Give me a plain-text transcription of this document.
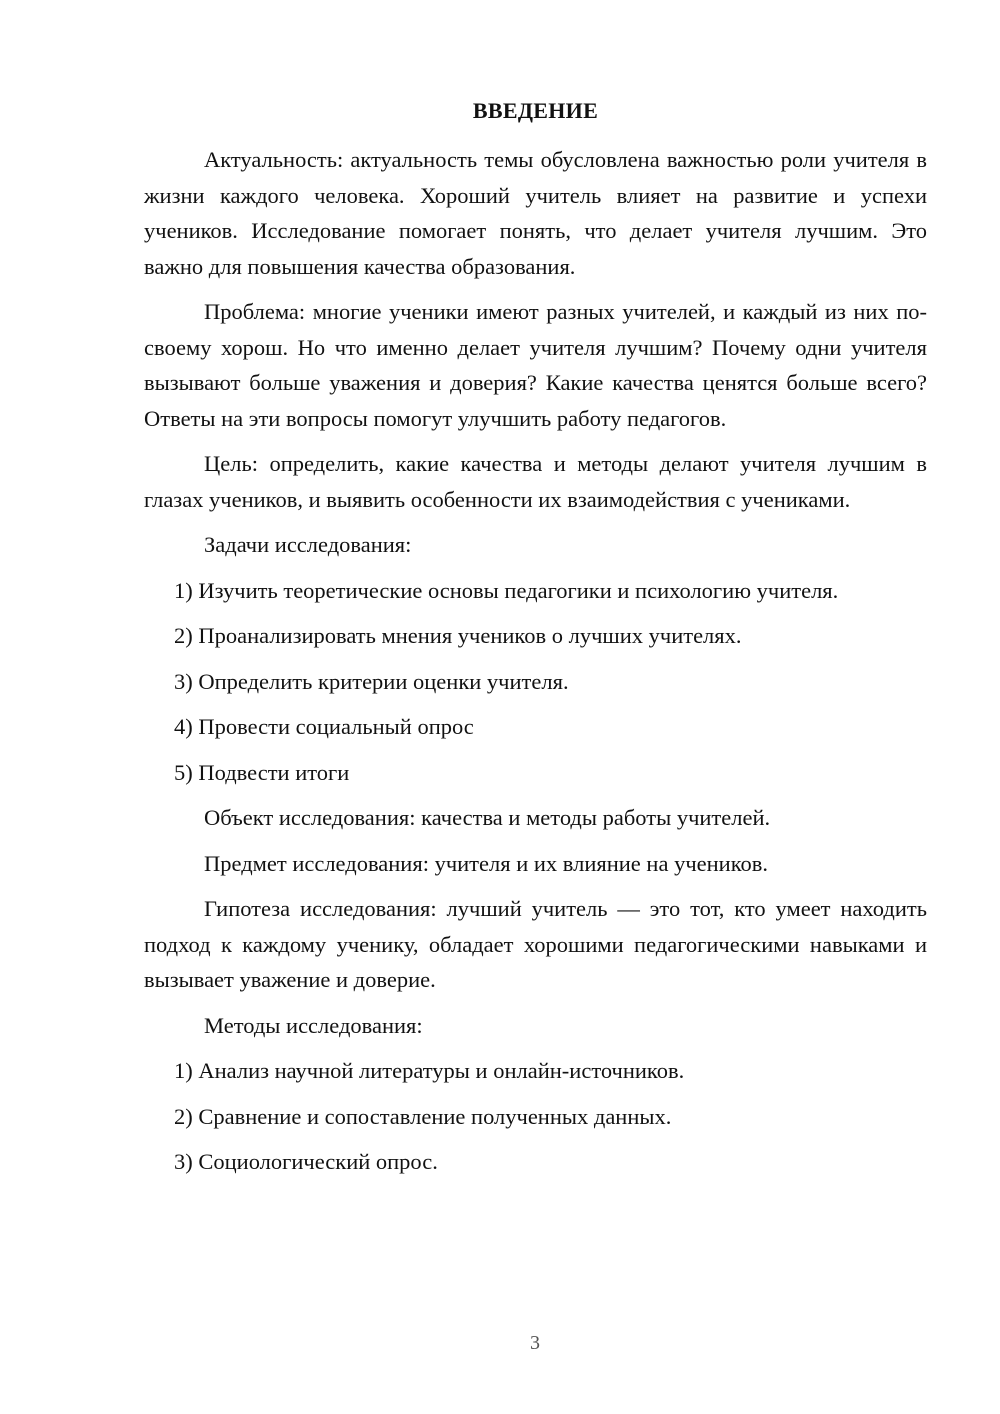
ВВЕДЕНИЕ

Актуальность: актуальность темы обусловлена важностью роли учителя в жизни каждого человека. Хороший учитель влияет на развитие и успехи учеников. Исследование помогает понять, что делает учителя лучшим. Это важно для повышения качества образования.

Проблема: многие ученики имеют разных учителей, и каждый из них по-своему хорош. Но что именно делает учителя лучшим? Почему одни учителя вызывают больше уважения и доверия? Какие качества ценятся больше всего? Ответы на эти вопросы помогут улучшить работу педагогов.

Цель: определить, какие качества и методы делают учителя лучшим в глазах учеников, и выявить особенности их взаимодействия с учениками.

Задачи исследования:
1) Изучить теоретические основы педагогики и психологию учителя.
2) Проанализировать мнения учеников о лучших учителях.
3) Определить критерии оценки учителя.
4) Провести социальный опрос
5) Подвести итоги
Объект исследования: качества и методы работы учителей.
Предмет исследования: учителя и их влияние на учеников.

Гипотеза исследования: лучший учитель — это тот, кто умеет находить подход к каждому ученику, обладает хорошими педагогическими навыками и вызывает уважение и доверие.

Методы исследования:
1) Анализ научной литературы и онлайн-источников.
2) Сравнение и сопоставление полученных данных.
3) Социологический опрос.
3
